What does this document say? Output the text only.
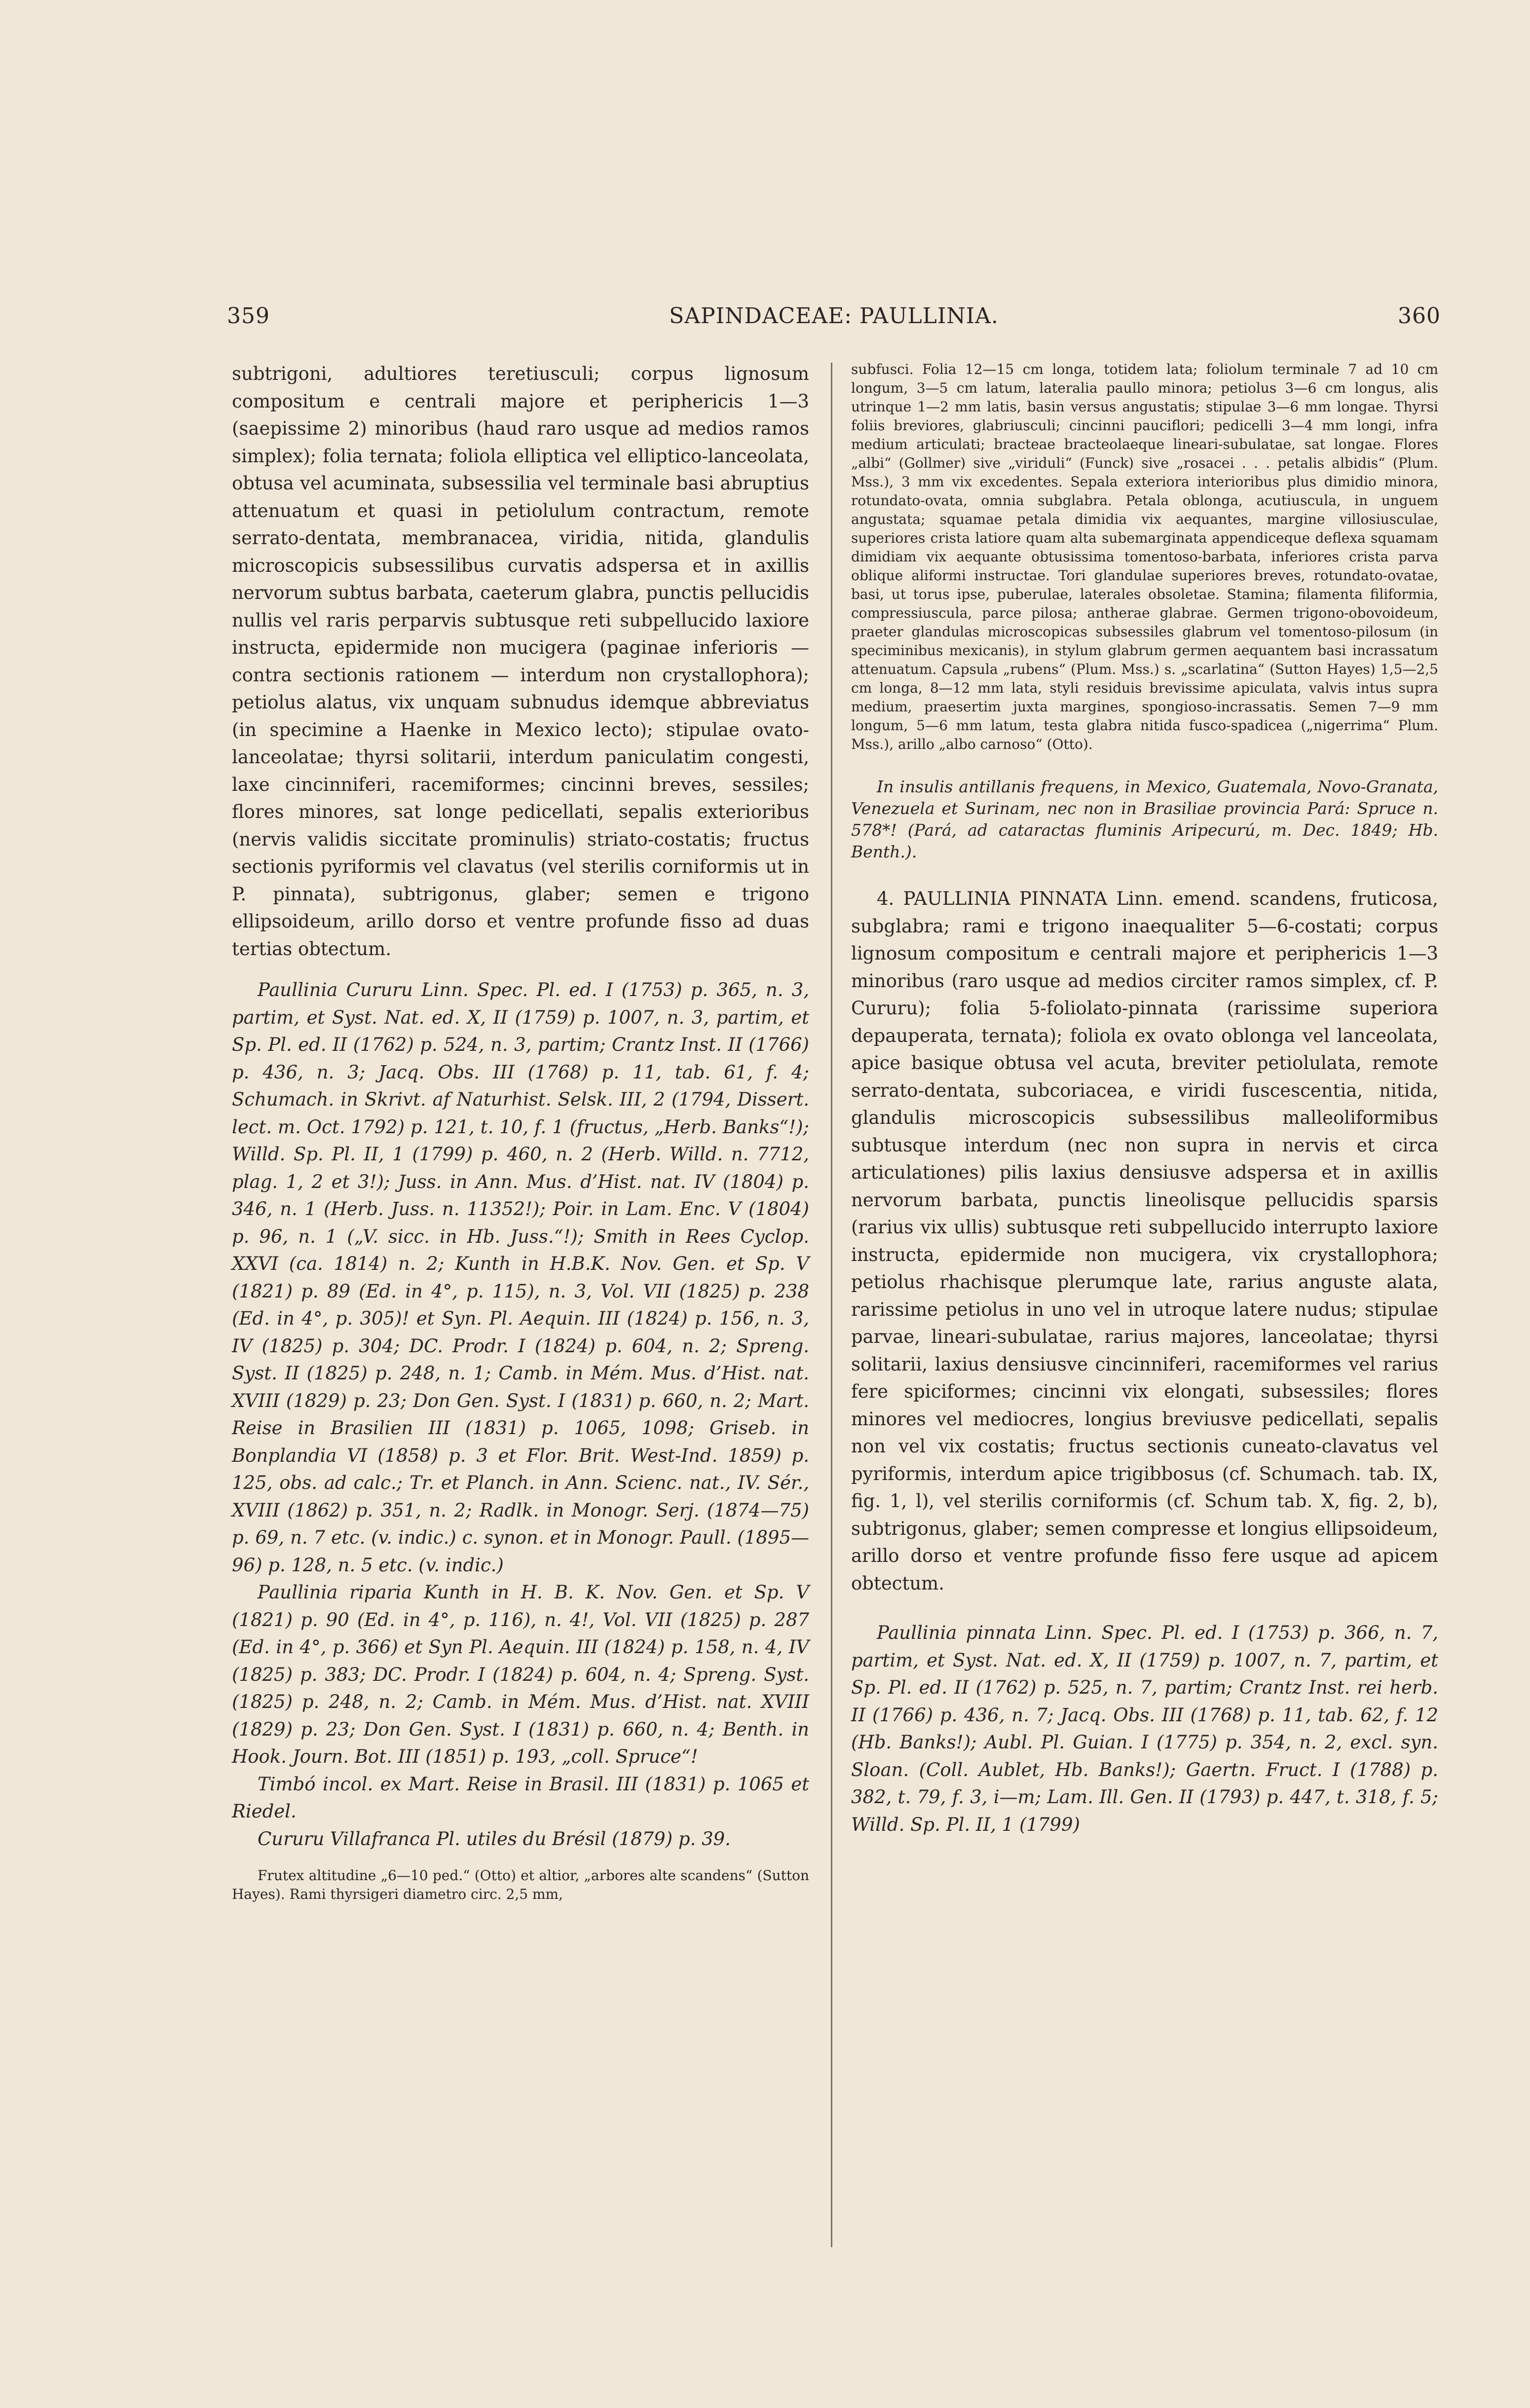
359	SAPINDACEAE: PAULLINIA.	360

subtrigoni, adultiores teretiusculi; corpus lignosum compositum e centrali majore et periphericis 1—3 (saepissime 2) minoribus (haud raro usque ad medios ramos simplex); folia ternata; foliola elliptica vel elliptico-lanceolata, obtusa vel acuminata, subsessilia vel terminale basi abruptius attenuatum et quasi in petiolulum contractum, remote serrato-dentata, membranacea, viridia, nitida, glandulis microscopicis subsessilibus curvatis adspersa et in axillis nervorum subtus barbata, caeterum glabra, punctis pellucidis nullis vel raris perparvis subtusque reti subpellucido laxiore instructa, epidermide non mucigera (paginae inferioris — contra sectionis rationem — interdum non crystallophora); petiolus alatus, vix unquam subnudus idemque abbreviatus (in specimine a Haenke in Mexico lecto); stipulae ovato-lanceolatae; thyrsi solitarii, interdum paniculatim congesti, laxe cincinniferi, racemiformes; cincinni breves, sessiles; flores minores, sat longe pedicellati, sepalis exterioribus (nervis validis siccitate prominulis) striato-costatis; fructus sectionis pyriformis vel clavatus (vel sterilis corniformis ut in P. pinnata), subtrigonus, glaber; semen e trigono ellipsoideum, arillo dorso et ventre profunde fisso ad duas tertias obtectum.

Paullinia Cururu Linn. Spec. Pl. ed. I (1753) p. 365, n. 3, partim, et Syst. Nat. ed. X, II (1759) p. 1007, n. 3, partim, et Sp. Pl. ed. II (1762) p. 524, n. 3, partim; Crantz Inst. II (1766) p. 436, n. 3; Jacq. Obs. III (1768) p. 11, tab. 61, f. 4; Schumach. in Skrivt. af Naturhist. Selsk. III, 2 (1794, Dissert. lect. m. Oct. 1792) p. 121, t. 10, f. 1 (fructus, „Herb. Banks“!); Willd. Sp. Pl. II, 1 (1799) p. 460, n. 2 (Herb. Willd. n. 7712, plag. 1, 2 et 3!); Juss. in Ann. Mus. d’Hist. nat. IV (1804) p. 346, n. 1 (Herb. Juss. n. 11352!); Poir. in Lam. Enc. V (1804) p. 96, n. 1 („V. sicc. in Hb. Juss.“!); Smith in Rees Cyclop. XXVI (ca. 1814) n. 2; Kunth in H.B.K. Nov. Gen. et Sp. V (1821) p. 89 (Ed. in 4°, p. 115), n. 3, Vol. VII (1825) p. 238 (Ed. in 4°, p. 305)! et Syn. Pl. Aequin. III (1824) p. 156, n. 3, IV (1825) p. 304; DC. Prodr. I (1824) p. 604, n. 2; Spreng. Syst. II (1825) p. 248, n. 1; Camb. in Mém. Mus. d’Hist. nat. XVIII (1829) p. 23; Don Gen. Syst. I (1831) p. 660, n. 2; Mart. Reise in Brasilien III (1831) p. 1065, 1098; Griseb. in Bonplandia VI (1858) p. 3 et Flor. Brit. West-Ind. 1859) p. 125, obs. ad calc.; Tr. et Planch. in Ann. Scienc. nat., IV. Sér., XVIII (1862) p. 351, n. 2; Radlk. in Monogr. Serj. (1874—75) p. 69, n. 7 etc. (v. indic.) c. synon. et in Monogr. Paull. (1895—96) p. 128, n. 5 etc. (v. indic.)

Paullinia riparia Kunth in H. B. K. Nov. Gen. et Sp. V (1821) p. 90 (Ed. in 4°, p. 116), n. 4!, Vol. VII (1825) p. 287 (Ed. in 4°, p. 366) et Syn Pl. Aequin. III (1824) p. 158, n. 4, IV (1825) p. 383; DC. Prodr. I (1824) p. 604, n. 4; Spreng. Syst. (1825) p. 248, n. 2; Camb. in Mém. Mus. d’Hist. nat. XVIII (1829) p. 23; Don Gen. Syst. I (1831) p. 660, n. 4; Benth. in Hook. Journ. Bot. III (1851) p. 193, „coll. Spruce“!

Timbó incol. ex Mart. Reise in Brasil. III (1831) p. 1065 et Riedel.

Cururu Villafranca Pl. utiles du Brésil (1879) p. 39.

Frutex altitudine „6—10 ped.“ (Otto) et altior, „arbores alte scandens“ (Sutton Hayes). Rami thyrsigeri diametro circ. 2,5 mm,

subfusci. Folia 12—15 cm longa, totidem lata; foliolum terminale 7 ad 10 cm longum, 3—5 cm latum, lateralia paullo minora; petiolus 3—6 cm longus, alis utrinque 1—2 mm latis, basin versus angustatis; stipulae 3—6 mm longae. Thyrsi foliis breviores, glabriusculi; cincinni pauciflori; pedicelli 3—4 mm longi, infra medium articulati; bracteae bracteolaeque lineari-subulatae, sat longae. Flores „albi“ (Gollmer) sive „viriduli“ (Funck) sive „rosacei . . . petalis albidis“ (Plum. Mss.), 3 mm vix excedentes. Sepala exteriora interioribus plus dimidio minora, rotundato-ovata, omnia subglabra. Petala oblonga, acutiuscula, in unguem angustata; squamae petala dimidia vix aequantes, margine villosiusculae, superiores crista latiore quam alta subemarginata appendiceque deflexa squamam dimidiam vix aequante obtusissima tomentoso-barbata, inferiores crista parva oblique aliformi instructae. Tori glandulae superiores breves, rotundato-ovatae, basi, ut torus ipse, puberulae, laterales obsoletae. Stamina; filamenta filiformia, compressiuscula, parce pilosa; antherae glabrae. Germen trigono-obovoideum, praeter glandulas microscopicas subsessiles glabrum vel tomentoso-pilosum (in speciminibus mexicanis), in stylum glabrum germen aequantem basi incrassatum attenuatum. Capsula „rubens“ (Plum. Mss.) s. „scarlatina“ (Sutton Hayes) 1,5—2,5 cm longa, 8—12 mm lata, styli residuis brevissime apiculata, valvis intus supra medium, praesertim juxta margines, spongioso-incrassatis. Semen 7—9 mm longum, 5—6 mm latum, testa glabra nitida fusco-spadicea („nigerrima“ Plum. Mss.), arillo „albo carnoso“ (Otto).

In insulis antillanis frequens, in Mexico, Guatemala, Novo-Granata, Venezuela et Surinam, nec non in Brasiliae provincia Pará: Spruce n. 578*! (Pará, ad cataractas fluminis Aripecurú, m. Dec. 1849; Hb. Benth.).

4. PAULLINIA PINNATA Linn. emend. scandens, fruticosa, subglabra; rami e trigono inaequaliter 5—6-costati; corpus lignosum compositum e centrali majore et periphericis 1—3 minoribus (raro usque ad medios circiter ramos simplex, cf. P. Cururu); folia 5-foliolato-pinnata (rarissime superiora depauperata, ternata); foliola ex ovato oblonga vel lanceolata, apice basique obtusa vel acuta, breviter petiolulata, remote serrato-dentata, subcoriacea, e viridi fuscescentia, nitida, glandulis microscopicis subsessilibus malleoliformibus subtusque interdum (nec non supra in nervis et circa articulationes) pilis laxius densiusve adspersa et in axillis nervorum barbata, punctis lineolisque pellucidis sparsis (rarius vix ullis) subtusque reti subpellucido interrupto laxiore instructa, epidermide non mucigera, vix crystallophora; petiolus rhachisque plerumque late, rarius anguste alata, rarissime petiolus in uno vel in utroque latere nudus; stipulae parvae, lineari-subulatae, rarius majores, lanceolatae; thyrsi solitarii, laxius densiusve cincinniferi, racemiformes vel rarius fere spiciformes; cincinni vix elongati, subsessiles; flores minores vel mediocres, longius breviusve pedicellati, sepalis non vel vix costatis; fructus sectionis cuneato-clavatus vel pyriformis, interdum apice trigibbosus (cf. Schumach. tab. IX, fig. 1, l), vel sterilis corniformis (cf. Schum tab. X, fig. 2, b), subtrigonus, glaber; semen compresse et longius ellipsoideum, arillo dorso et ventre profunde fisso fere usque ad apicem obtectum.

Paullinia pinnata Linn. Spec. Pl. ed. I (1753) p. 366, n. 7, partim, et Syst. Nat. ed. X, II (1759) p. 1007, n. 7, partim, et Sp. Pl. ed. II (1762) p. 525, n. 7, partim; Crantz Inst. rei herb. II (1766) p. 436, n. 7; Jacq. Obs. III (1768) p. 11, tab. 62, f. 12 (Hb. Banks!); Aubl. Pl. Guian. I (1775) p. 354, n. 2, excl. syn. Sloan. (Coll. Aublet, Hb. Banks!); Gaertn. Fruct. I (1788) p. 382, t. 79, f. 3, i—m; Lam. Ill. Gen. II (1793) p. 447, t. 318, f. 5; Willd. Sp. Pl. II, 1 (1799)
